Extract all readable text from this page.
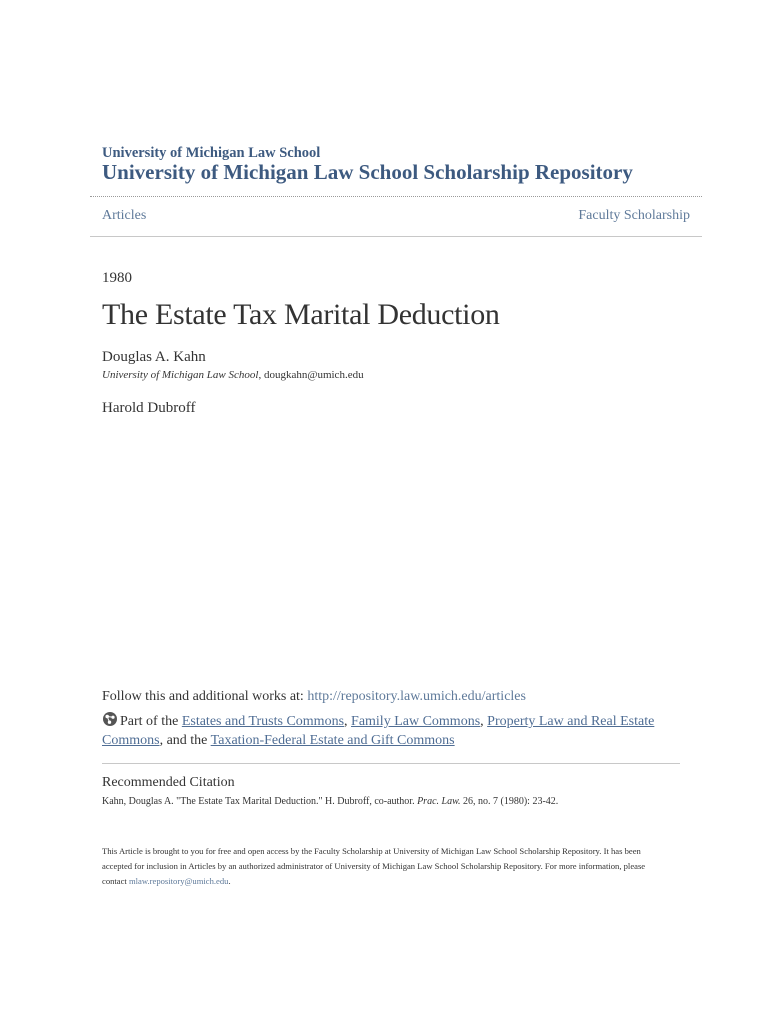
University of Michigan Law School
University of Michigan Law School Scholarship Repository
Articles	Faculty Scholarship
1980
The Estate Tax Marital Deduction
Douglas A. Kahn
University of Michigan Law School, dougkahn@umich.edu
Harold Dubroff
Follow this and additional works at: http://repository.law.umich.edu/articles
Part of the Estates and Trusts Commons, Family Law Commons, Property Law and Real Estate Commons, and the Taxation-Federal Estate and Gift Commons
Recommended Citation
Kahn, Douglas A. "The Estate Tax Marital Deduction." H. Dubroff, co-author. Prac. Law. 26, no. 7 (1980): 23-42.
This Article is brought to you for free and open access by the Faculty Scholarship at University of Michigan Law School Scholarship Repository. It has been accepted for inclusion in Articles by an authorized administrator of University of Michigan Law School Scholarship Repository. For more information, please contact mlaw.repository@umich.edu.
